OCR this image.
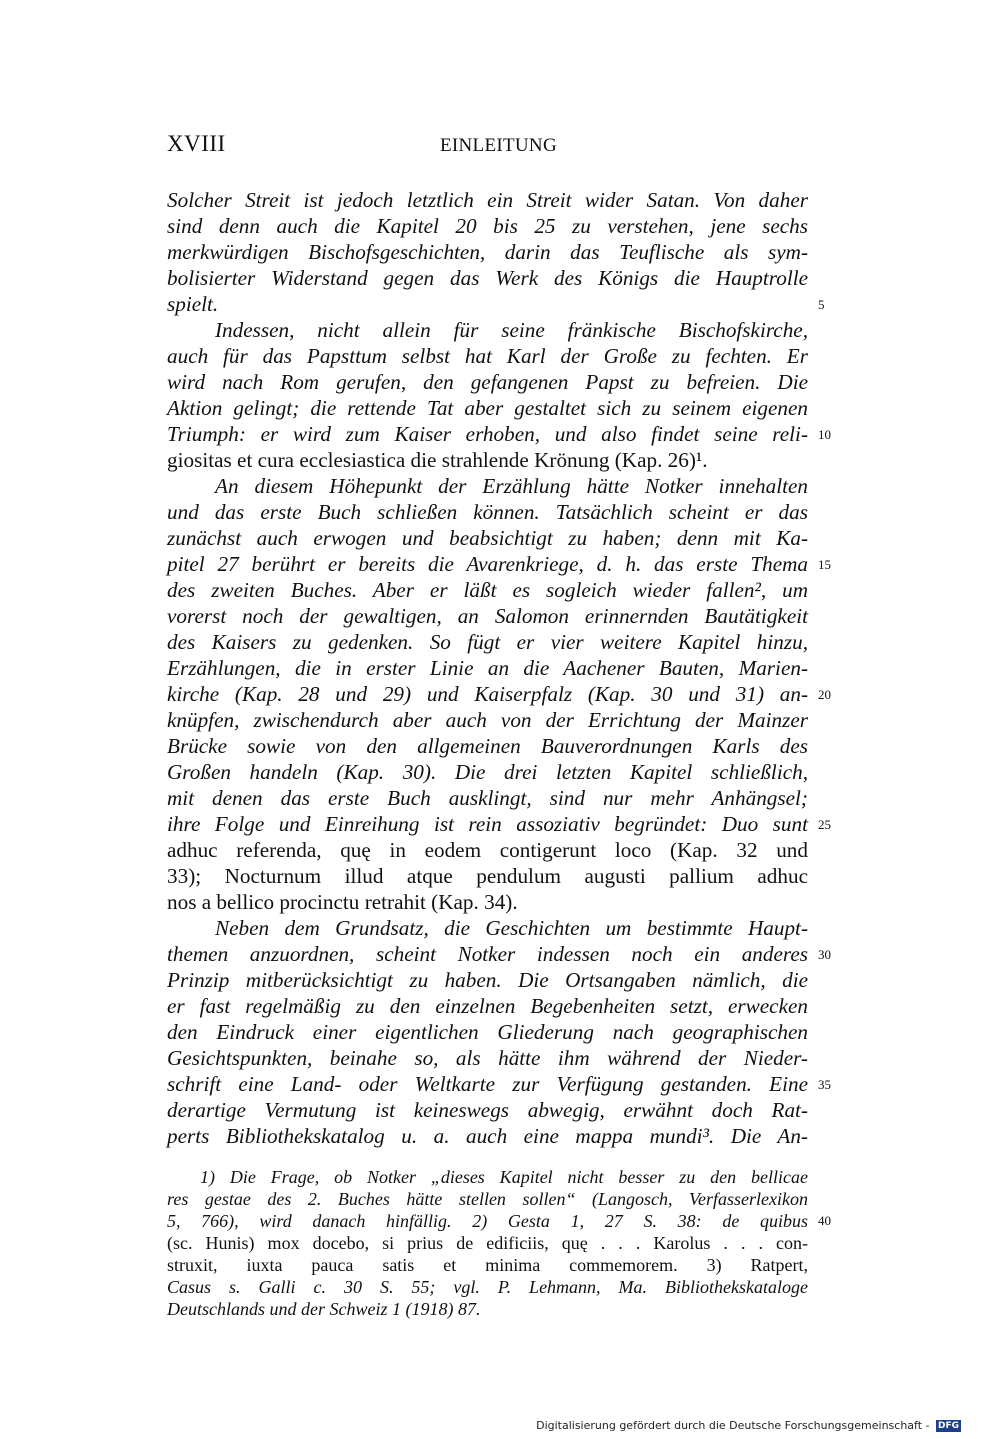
XVIII	EINLEITUNG
Solcher Streit ist jedoch letztlich ein Streit wider Satan. Von daher
sind denn auch die Kapitel 20 bis 25 zu verstehen, jene sechs
merkwürdigen Bischofsgeschichten, darin das Teuflische als sym-
bolisierter Widerstand gegen das Werk des Königs die Hauptrolle
spielt.
Indessen, nicht allein für seine fränkische Bischofskirche,
auch für das Papsttum selbst hat Karl der Große zu fechten. Er
wird nach Rom gerufen, den gefangenen Papst zu befreien. Die
Aktion gelingt; die rettende Tat aber gestaltet sich zu seinem eigenen
Triumph: er wird zum Kaiser erhoben, und also findet seine reli-
giositas et cura ecclesiastica die strahlende Krönung (Kap. 26)¹.
An diesem Höhepunkt der Erzählung hätte Notker innehalten
und das erste Buch schließen können. Tatsächlich scheint er das
zunächst auch erwogen und beabsichtigt zu haben; denn mit Ka-
pitel 27 berührt er bereits die Avarenkriege, d. h. das erste Thema
des zweiten Buches. Aber er läßt es sogleich wieder fallen², um
vorerst noch der gewaltigen, an Salomon erinnernden Bautätigkeit
des Kaisers zu gedenken. So fügt er vier weitere Kapitel hinzu,
Erzählungen, die in erster Linie an die Aachener Bauten, Marien-
kirche (Kap. 28 und 29) und Kaiserpfalz (Kap. 30 und 31) an-
knüpfen, zwischendurch aber auch von der Errichtung der Mainzer
Brücke sowie von den allgemeinen Bauverordnungen Karls des
Großen handeln (Kap. 30). Die drei letzten Kapitel schließlich,
mit denen das erste Buch ausklingt, sind nur mehr Anhängsel;
ihre Folge und Einreihung ist rein assoziativ begründet: Duo sunt
adhuc referenda, quę in eodem contigerunt loco (Kap. 32 und
33); Nocturnum illud atque pendulum augusti pallium adhuc
nos a bellico procinctu retrahit (Kap. 34).
Neben dem Grundsatz, die Geschichten um bestimmte Haupt-
themen anzuordnen, scheint Notker indessen noch ein anderes
Prinzip mitberücksichtigt zu haben. Die Ortsangaben nämlich, die
er fast regelmäßig zu den einzelnen Begebenheiten setzt, erwecken
den Eindruck einer eigentlichen Gliederung nach geographischen
Gesichtspunkten, beinahe so, als hätte ihm während der Nieder-
schrift eine Land- oder Weltkarte zur Verfügung gestanden. Eine
derartige Vermutung ist keineswegs abwegig, erwähnt doch Rat-
perts Bibliothekskatalog u. a. auch eine mappa mundi³. Die An-
1) Die Frage, ob Notker „dieses Kapitel nicht besser zu den bellicae
res gestae des 2. Buches hätte stellen sollen“ (Langosch, Verfasserlexikon
5, 766), wird danach hinfällig. 2) Gesta 1, 27 S. 38: de quibus
(sc. Hunis) mox docebo, si prius de edificiis, quę . . . Karolus . . . con-
struxit, iuxta pauca satis et minima commemorem. 3) Ratpert,
Casus s. Galli c. 30 S. 55; vgl. P. Lehmann, Ma. Bibliothekskataloge
Deutschlands und der Schweiz 1 (1918) 87.
5
10
15
20
25
30
35
40
Digitalisierung gefördert durch die Deutsche Forschungsgemeinschaft - DFG
